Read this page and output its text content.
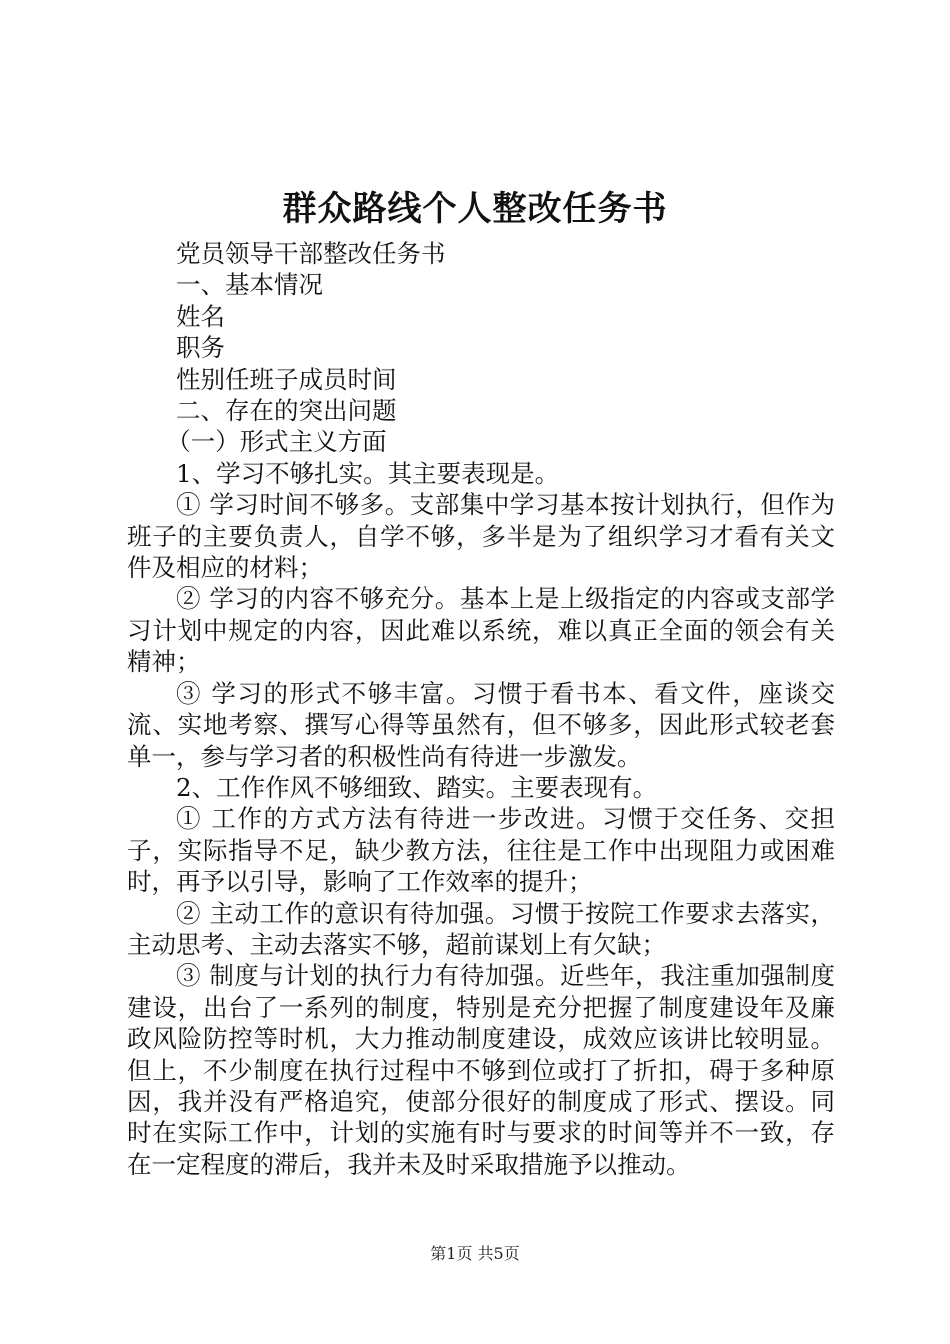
群众路线个人整改任务书

党员领导干部整改任务书

一、基本情况

姓名

职务

性别任班子成员时间

二、存在的突出问题

（一）形式主义方面

1、学习不够扎实。其主要表现是。

① 学习时间不够多。支部集中学习基本按计划执行，但作为班子的主要负责人，自学不够，多半是为了组织学习才看有关文件及相应的材料；

② 学习的内容不够充分。基本上是上级指定的内容或支部学习计划中规定的内容，因此难以系统，难以真正全面的领会有关精神；

③ 学习的形式不够丰富。习惯于看书本、看文件，座谈交流、实地考察、撰写心得等虽然有，但不够多，因此形式较老套单一，参与学习者的积极性尚有待进一步激发。

2、工作作风不够细致、踏实。主要表现有。

① 工作的方式方法有待进一步改进。习惯于交任务、交担子，实际指导不足，缺少教方法，往往是工作中出现阻力或困难时，再予以引导，影响了工作效率的提升；

② 主动工作的意识有待加强。习惯于按院工作要求去落实，主动思考、主动去落实不够，超前谋划上有欠缺；

③ 制度与计划的执行力有待加强。近些年，我注重加强制度建设，出台了一系列的制度，特别是充分把握了制度建设年及廉政风险防控等时机，大力推动制度建设，成效应该讲比较明显。但上，不少制度在执行过程中不够到位或打了折扣，碍于多种原因，我并没有严格追究，使部分很好的制度成了形式、摆设。同时在实际工作中，计划的实施有时与要求的时间等并不一致，存在一定程度的滞后，我并未及时采取措施予以推动。

第1页 共5页
